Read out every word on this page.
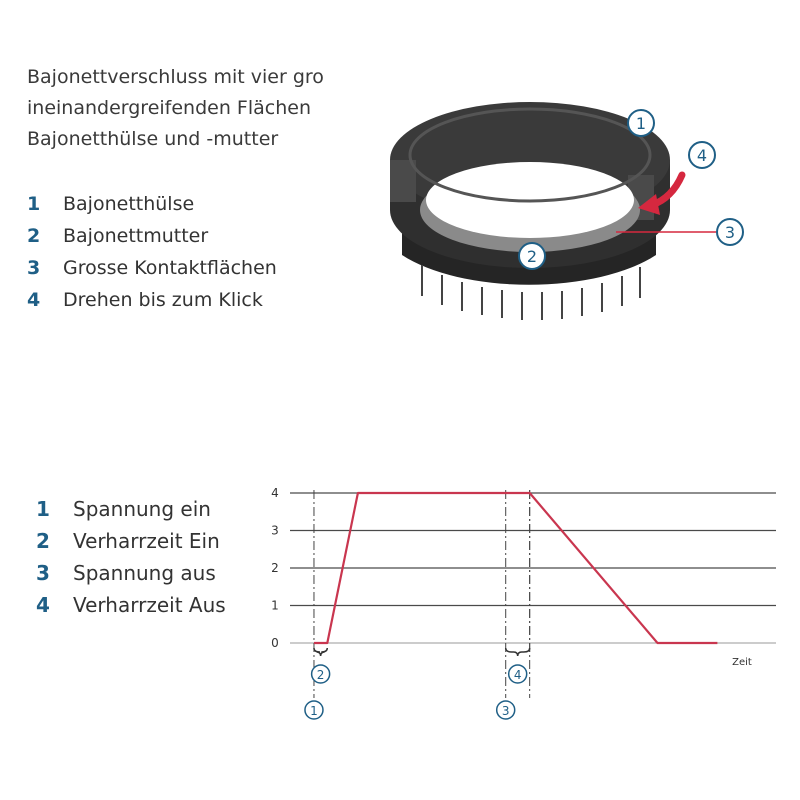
Bajonettverschluss mit vier gro
ineinandergreifenden Flächen
Bajonetthülse und -mutter
1	Bajonetthülse
2	Bajonettmutter
3	Grosse Kontaktflächen
4	Drehen bis zum Klick
1
2
3
4
1	Spannung ein
2	Verharrzeit Ein
3	Spannung aus
4	Verharrzeit Aus
0
1
2
3
4
1	3
2	4
Zeit
